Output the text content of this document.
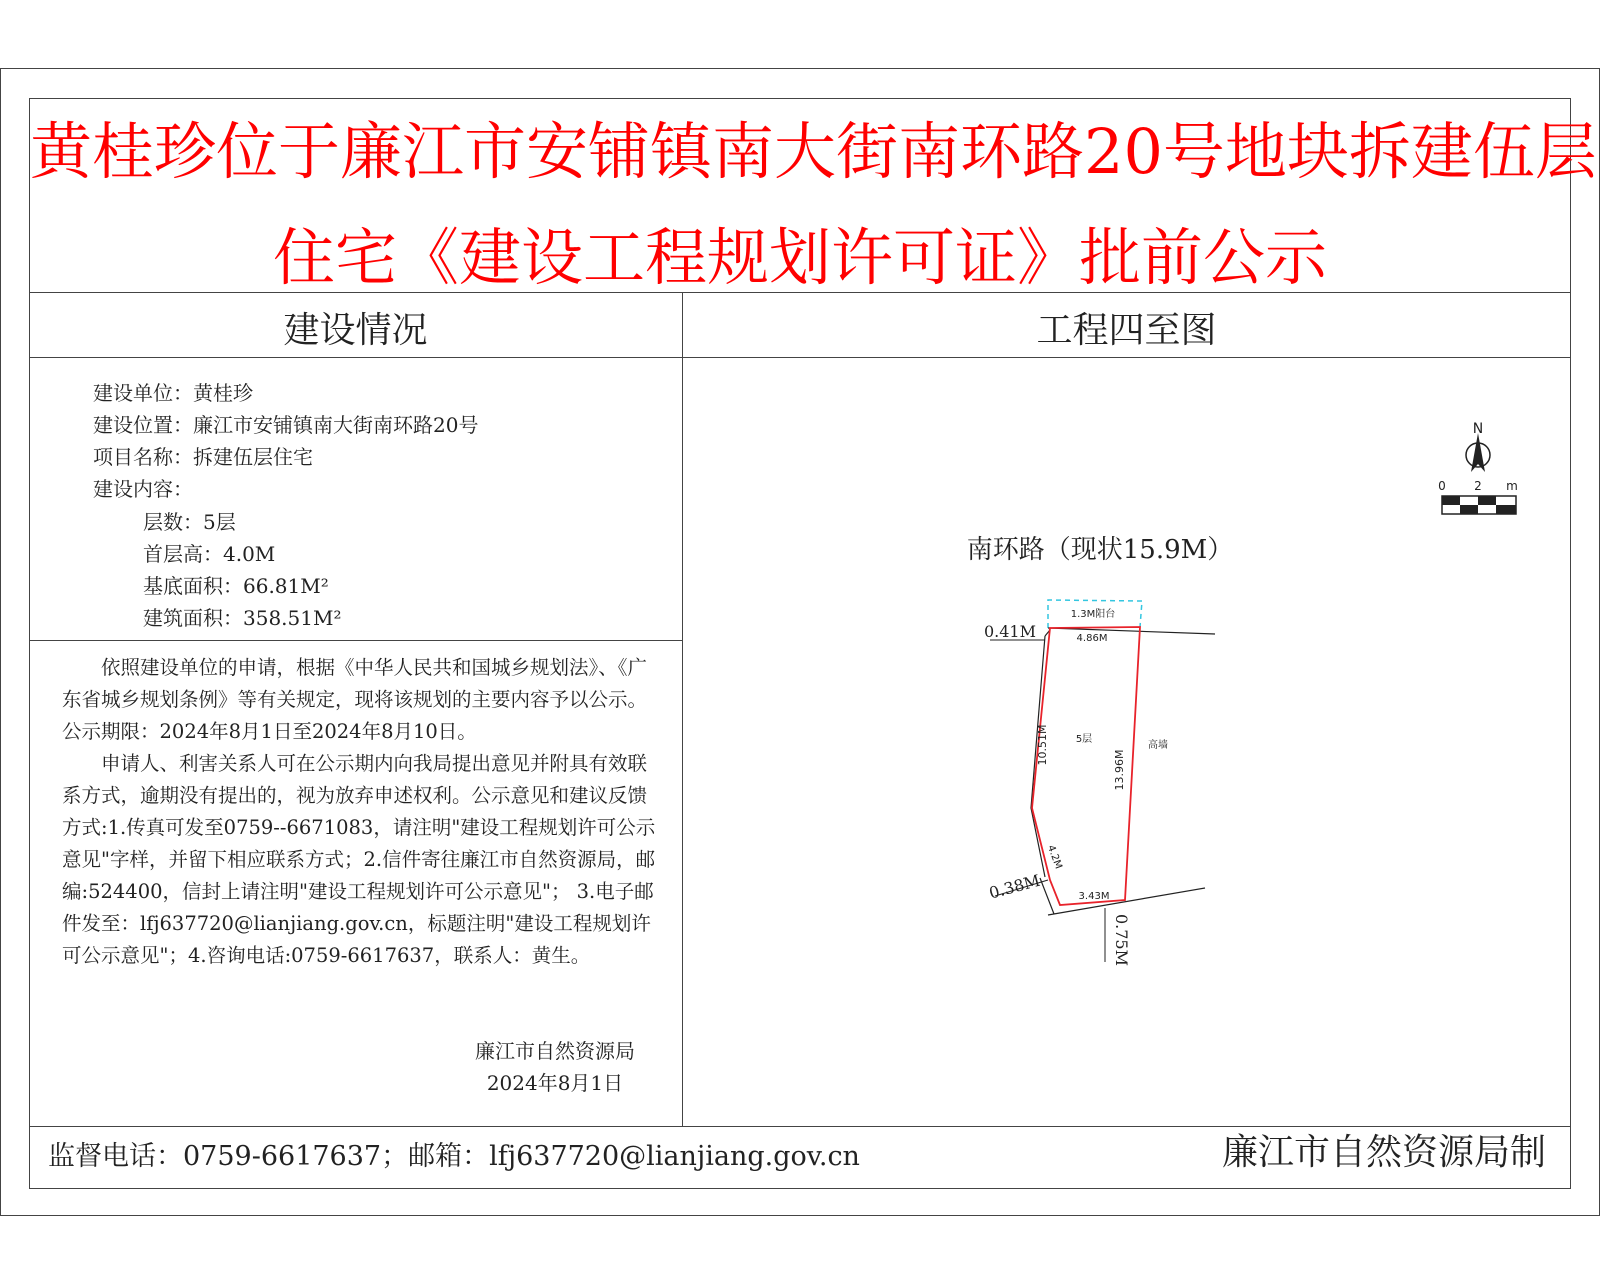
黄桂珍位于廉江市安铺镇南大街南环路20号地块拆建伍层
住宅《建设工程规划许可证》批前公示
建设情况	工程四至图
建设单位：黄桂珍
建设位置：廉江市安铺镇南大街南环路20号
项目名称：拆建伍层住宅
建设内容：
层数：5层
首层高：4.0M
基底面积：66.81M²
建筑面积：358.51M²

依照建设单位的申请，根据《中华人民共和国城乡规划法》、《广东省城乡规划条例》等有关规定，现将该规划的主要内容予以公示。公示期限：2024年8月1日至2024年8月10日。

申请人、利害关系人可在公示期内向我局提出意见并附具有效联系方式，逾期没有提出的，视为放弃申述权利。公示意见和建议反馈方式:1.传真可发至0759--6671083，请注明"建设工程规划许可公示意见"字样，并留下相应联系方式；2.信件寄往廉江市自然资源局，邮编:524400，信封上请注明"建设工程规划许可公示意见"； 3.电子邮件发至：lfj637720@lianjiang.gov.cn，标题注明"建设工程规划许可公示意见"；4.咨询电话:0759-6617637，联系人：黄生。

廉江市自然资源局
2024年8月1日
监督电话：0759-6617637；邮箱：lfj637720@lianjiang.gov.cn	廉江市自然资源局制
N
0 2 m
南环路（现状15.9M）
1.3M阳台
4.86M
0.41M
10.51M
13.96M
5层
高墙
4.2M
0.38M	3.43M
0.75M
